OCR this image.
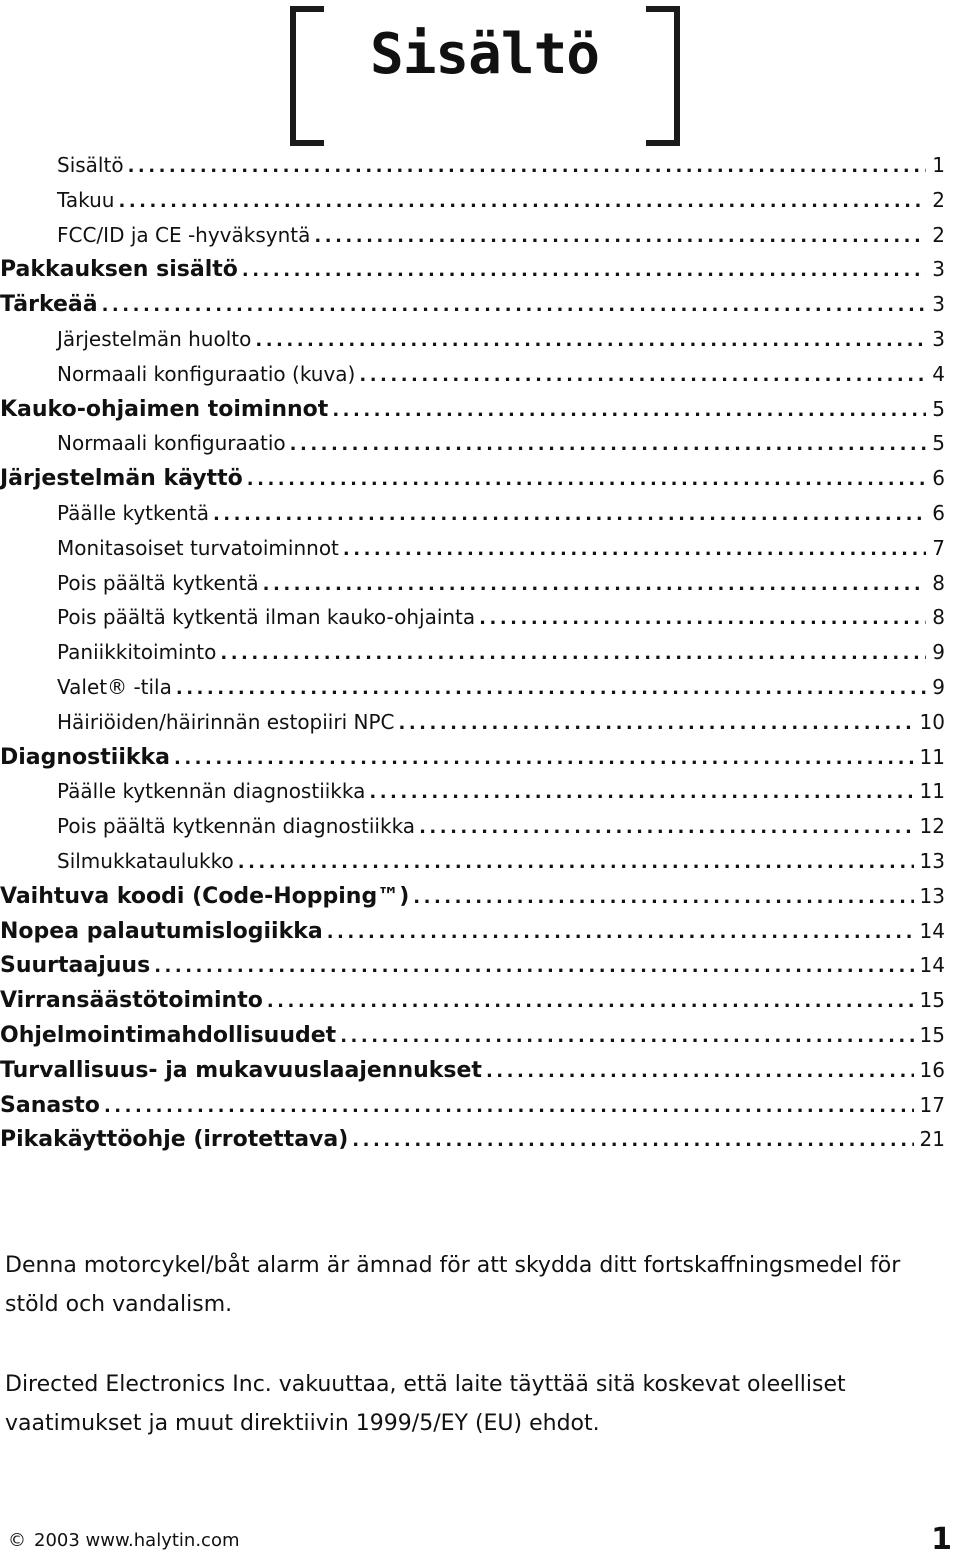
Sisältö
Sisältö .....	1
Takuu .....	2
FCC/ID ja CE -hyväksyntä .....	2
Pakkauksen sisältö .....	3
Tärkeää .....	3
Järjestelmän huolto .....	3
Normaali konfiguraatio (kuva) .....	4
Kauko-ohjaimen toiminnot .....	5
Normaali konfiguraatio .....	5
Järjestelmän käyttö .....	6
Päälle kytkentä .....	6
Monitasoiset turvatoiminnot .....	7
Pois päältä kytkentä .....	8
Pois päältä kytkentä ilman kauko-ohjainta .....	8
Paniikkitoiminto .....	9
Valet® -tila .....	9
Häiriöiden/häirinnän estopiiri NPC .....	10
Diagnostiikka .....	11
Päälle kytkennän diagnostiikka .....	11
Pois päältä kytkennän diagnostiikka .....	12
Silmukkataulukko .....	13
Vaihtuva koodi (Code-Hopping™) .....	13
Nopea palautumislogiikka .....	14
Suurtaajuus .....	14
Virransäästötoiminto .....	15
Ohjelmointimahdollisuudet .....	15
Turvallisuus- ja mukavuuslaajennukset .....	16
Sanasto .....	17
Pikakäyttöohje (irrotettava) .....	21
Denna motorcykel/båt alarm är ämnad för att skydda ditt fortskaffningsmedel för stöld och vandalism.
Directed Electronics Inc. vakuuttaa, että laite täyttää sitä koskevat oleelliset vaatimukset ja muut direktiivin 1999/5/EY (EU) ehdot.
© 2003 www.halytin.com	1
